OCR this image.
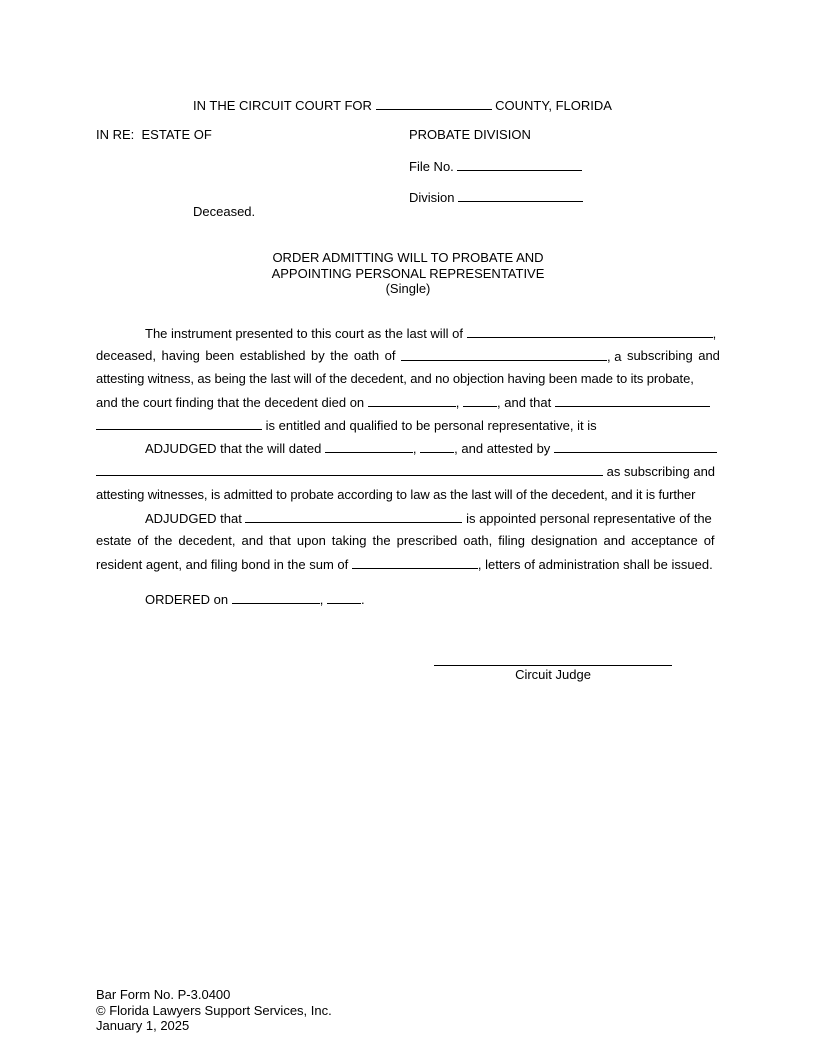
IN THE CIRCUIT COURT FOR	COUNTY, FLORIDA
IN RE:  ESTATE OF	PROBATE DIVISION
File No.
Division
Deceased.
ORDER ADMITTING WILL TO PROBATE AND
APPOINTING PERSONAL REPRESENTATIVE
(Single)
The instrument presented to this court as the last will of	,
deceased, having been established by the oath of	, a subscribing and
attesting witness, as being the last will of the decedent, and no objection having been made to its probate,
and the court finding that the decedent died on	,	, and that
is entitled and qualified to be personal representative, it is
ADJUDGED that the will dated	,	, and attested by
as subscribing and
attesting witnesses, is admitted to probate according to law as the last will of the decedent, and it is further
ADJUDGED that	is appointed personal representative of the
estate of the decedent, and that upon taking the prescribed oath, filing designation and acceptance of
resident agent, and filing bond in the sum of	, letters of administration shall be issued.
ORDERED on	,	.
Circuit Judge
Bar Form No. P-3.0400
© Florida Lawyers Support Services, Inc.
January 1, 2025
